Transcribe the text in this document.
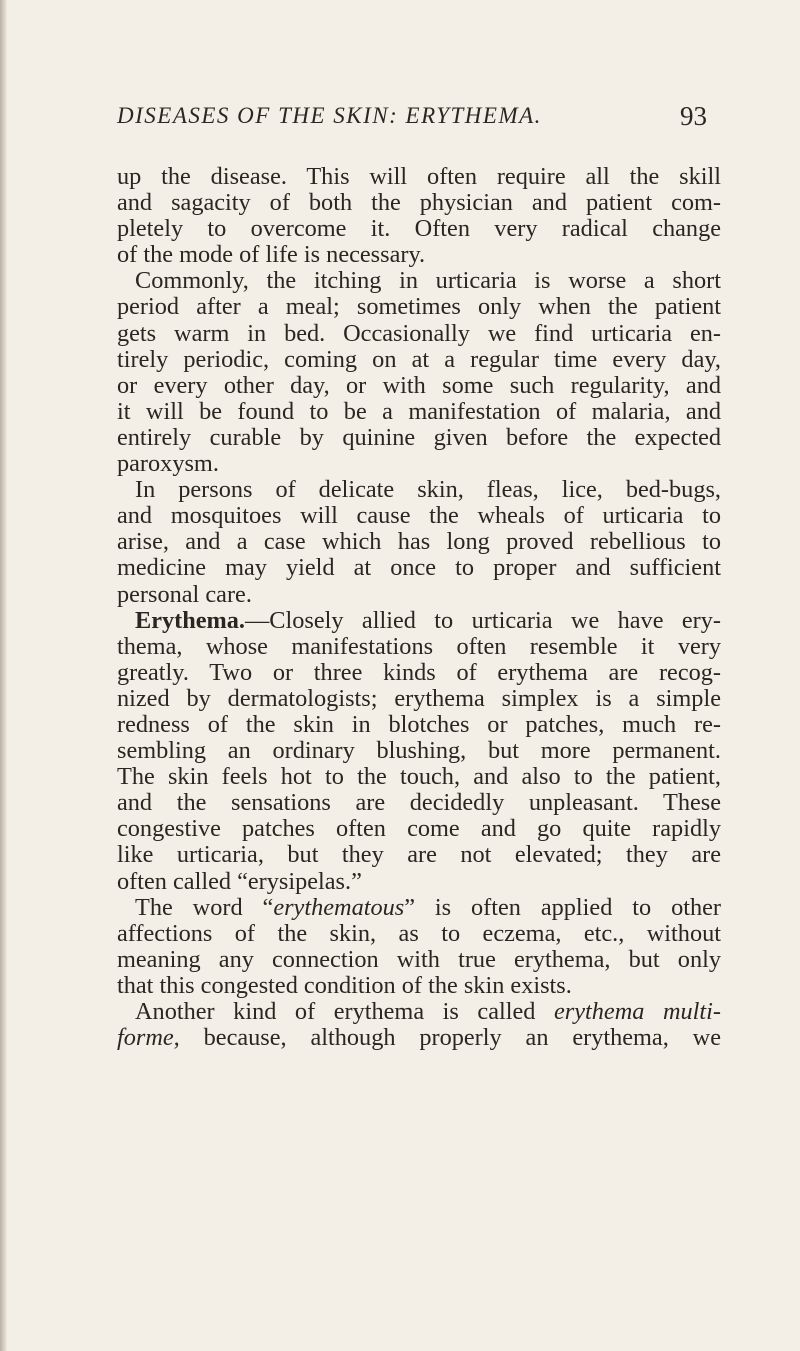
DISEASES OF THE SKIN: ERYTHEMA.	93
up the disease. This will often require all the skill
and sagacity of both the physician and patient com-
pletely to overcome it. Often very radical change
of the mode of life is necessary.
Commonly, the itching in urticaria is worse a short
period after a meal; sometimes only when the patient
gets warm in bed. Occasionally we find urticaria en-
tirely periodic, coming on at a regular time every day,
or every other day, or with some such regularity, and
it will be found to be a manifestation of malaria, and
entirely curable by quinine given before the expected
paroxysm.
In persons of delicate skin, fleas, lice, bed-bugs,
and mosquitoes will cause the wheals of urticaria to
arise, and a case which has long proved rebellious to
medicine may yield at once to proper and sufficient
personal care.
Erythema.—Closely allied to urticaria we have ery-
thema, whose manifestations often resemble it very
greatly. Two or three kinds of erythema are recog-
nized by dermatologists; erythema simplex is a simple
redness of the skin in blotches or patches, much re-
sembling an ordinary blushing, but more permanent.
The skin feels hot to the touch, and also to the patient,
and the sensations are decidedly unpleasant. These
congestive patches often come and go quite rapidly
like urticaria, but they are not elevated; they are
often called “erysipelas.”
The word “erythematous” is often applied to other
affections of the skin, as to eczema, etc., without
meaning any connection with true erythema, but only
that this congested condition of the skin exists.
Another kind of erythema is called erythema multi-
forme, because, although properly an erythema, we
